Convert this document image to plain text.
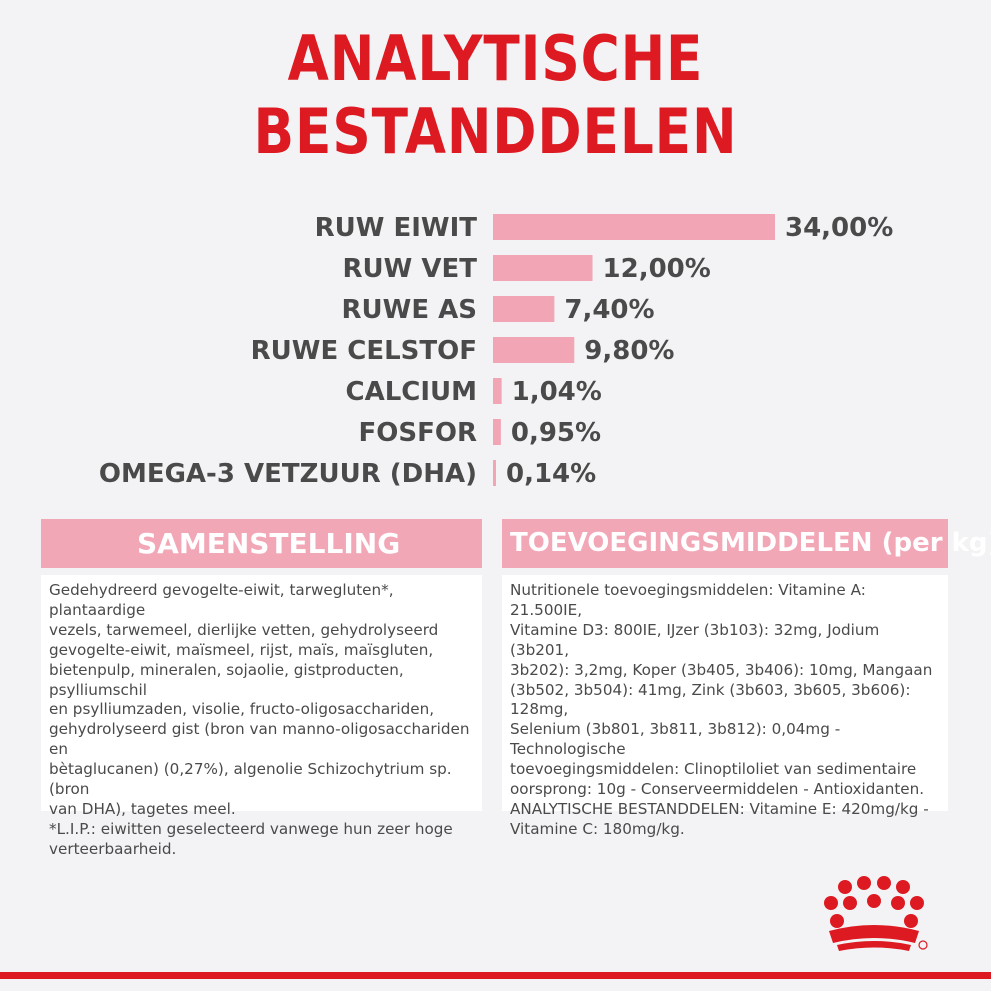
ANALYTISCHE BESTANDDELEN
RUW EIWIT	34,00%
RUW VET	12,00%
RUWE AS	7,40%
RUWE CELSTOF	9,80%
CALCIUM 1,04%
FOSFOR 0,95%
OMEGA-3 VETZUUR (DHA) 0,14%
SAMENSTELLING	TOEVOEGINGSMIDDELEN (per kg)

Gedehydreerd gevogelte-eiwit, tarwegluten*, plantaardige

vezels, tarwemeel, dierlijke vetten, gehydrolyseerd

gevogelte-eiwit, maïsmeel, rijst, maïs, maïsgluten,

bietenpulp, mineralen, sojaolie, gistproducten, psylliumschil

en psylliumzaden, visolie, fructo-oligosacchariden,

gehydrolyseerd gist (bron van manno-oligosacchariden en

bètaglucanen) (0,27%), algenolie Schizochytrium sp. (bron

van DHA), tagetes meel.

*L.I.P.: eiwitten geselecteerd vanwege hun zeer hoge

verteerbaarheid.

Nutritionele toevoegingsmiddelen: Vitamine A: 21.500IE,

Vitamine D3: 800IE, IJzer (3b103): 32mg, Jodium (3b201,

3b202): 3,2mg, Koper (3b405, 3b406): 10mg, Mangaan

(3b502, 3b504): 41mg, Zink (3b603, 3b605, 3b606): 128mg,

Selenium (3b801, 3b811, 3b812): 0,04mg - Technologische

toevoegingsmiddelen: Clinoptiloliet van sedimentaire

oorsprong: 10g - Conserveermiddelen - Antioxidanten.

ANALYTISCHE BESTANDDELEN: Vitamine E: 420mg/kg -

Vitamine C: 180mg/kg.
